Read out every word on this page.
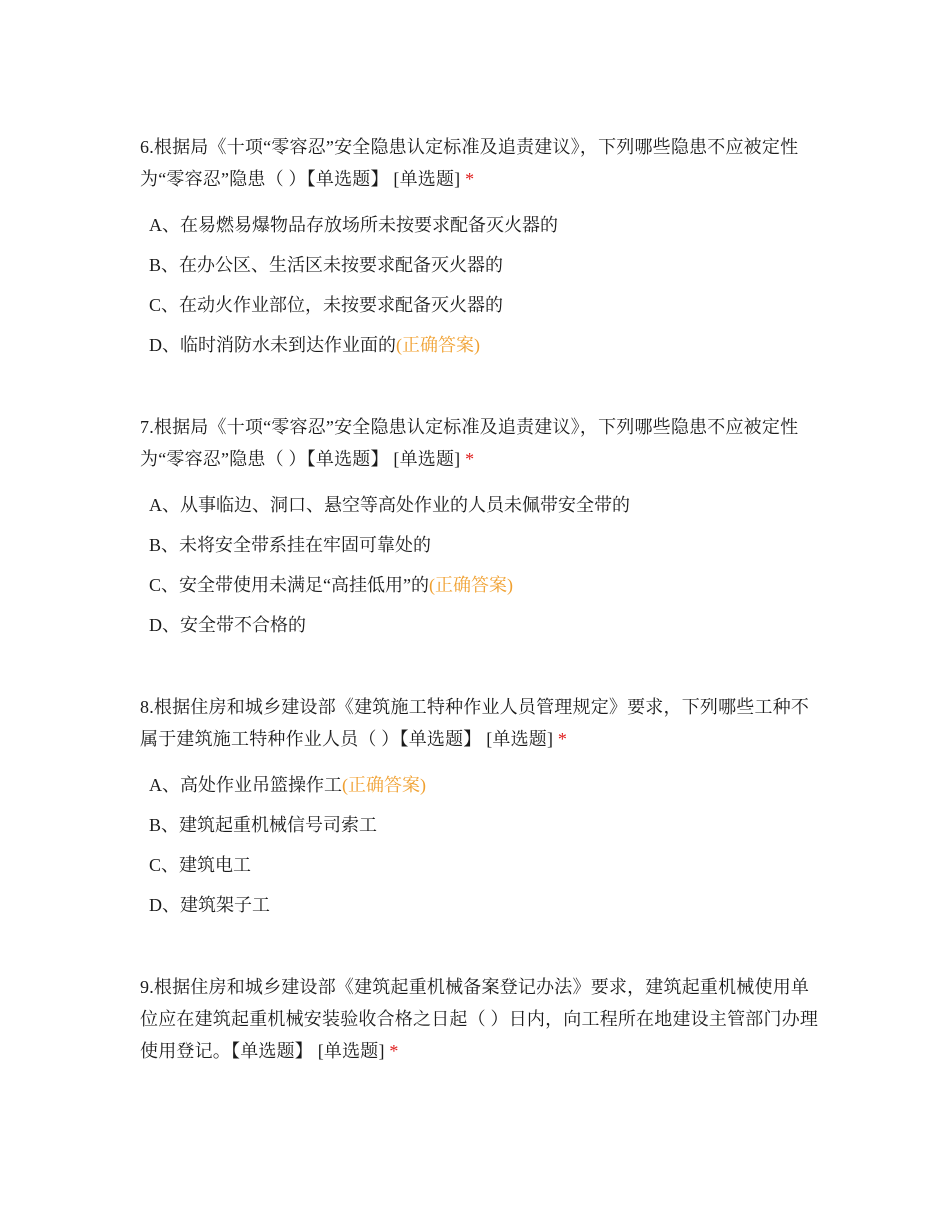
6.根据局《十项“零容忍”安全隐患认定标准及追责建议》，下列哪些隐患不应被定性为“零容忍”隐患（ ）【单选题】 [单选题] *

A、在易燃易爆物品存放场所未按要求配备灭火器的
B、在办公区、生活区未按要求配备灭火器的
C、在动火作业部位，未按要求配备灭火器的
D、临时消防水未到达作业面的(正确答案)

7.根据局《十项“零容忍”安全隐患认定标准及追责建议》，下列哪些隐患不应被定性为“零容忍”隐患（ ）【单选题】 [单选题] *

A、从事临边、洞口、悬空等高处作业的人员未佩带安全带的
B、未将安全带系挂在牢固可靠处的
C、安全带使用未满足“高挂低用”的(正确答案)
D、安全带不合格的

8.根据住房和城乡建设部《建筑施工特种作业人员管理规定》要求，下列哪些工种不属于建筑施工特种作业人员（ ）【单选题】 [单选题] *

A、高处作业吊篮操作工(正确答案)
B、建筑起重机械信号司索工
C、建筑电工
D、建筑架子工

9.根据住房和城乡建设部《建筑起重机械备案登记办法》要求，建筑起重机械使用单位应在建筑起重机械安装验收合格之日起（ ）日内，向工程所在地建设主管部门办理使用登记。【单选题】 [单选题] *
